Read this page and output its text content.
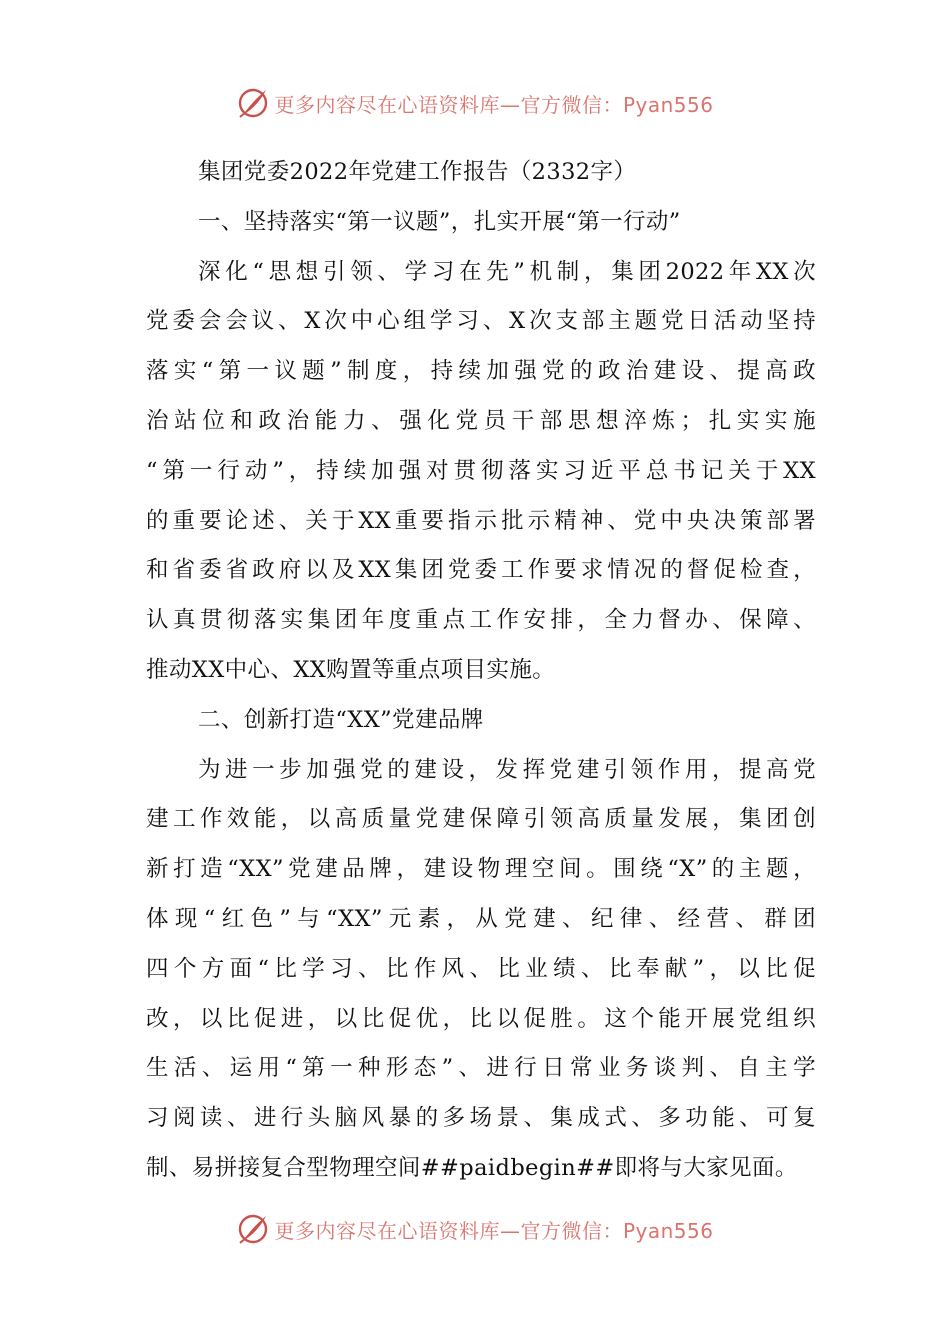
更多内容尽在心语资料库—官方微信：Pyan556
集团党委2022年党建工作报告（2332字）
一、坚持落实“第一议题”，扎实开展“第一行动”
深化“思想引领、学习在先”机制，集团2022年XX次
党委会会议、X次中心组学习、X次支部主题党日活动坚持
落实“第一议题”制度，持续加强党的政治建设、提高政
治站位和政治能力、强化党员干部思想淬炼；扎实实施
“第一行动”，持续加强对贯彻落实习近平总书记关于XX
的重要论述、关于XX重要指示批示精神、党中央决策部署
和省委省政府以及XX集团党委工作要求情况的督促检查，
认真贯彻落实集团年度重点工作安排，全力督办、保障、
推动XX中心、XX购置等重点项目实施。
二、创新打造“XX”党建品牌
为进一步加强党的建设，发挥党建引领作用，提高党
建工作效能，以高质量党建保障引领高质量发展，集团创
新打造“XX”党建品牌，建设物理空间。围绕“X”的主题，
体现“红色”与“XX”元素，从党建、纪律、经营、群团
四个方面“比学习、比作风、比业绩、比奉献”，以比促
改，以比促进，以比促优，比以促胜。这个能开展党组织
生活、运用“第一种形态”、进行日常业务谈判、自主学
习阅读、进行头脑风暴的多场景、集成式、多功能、可复
制、易拼接复合型物理空间##paidbegin##即将与大家见面。
更多内容尽在心语资料库—官方微信：Pyan556
